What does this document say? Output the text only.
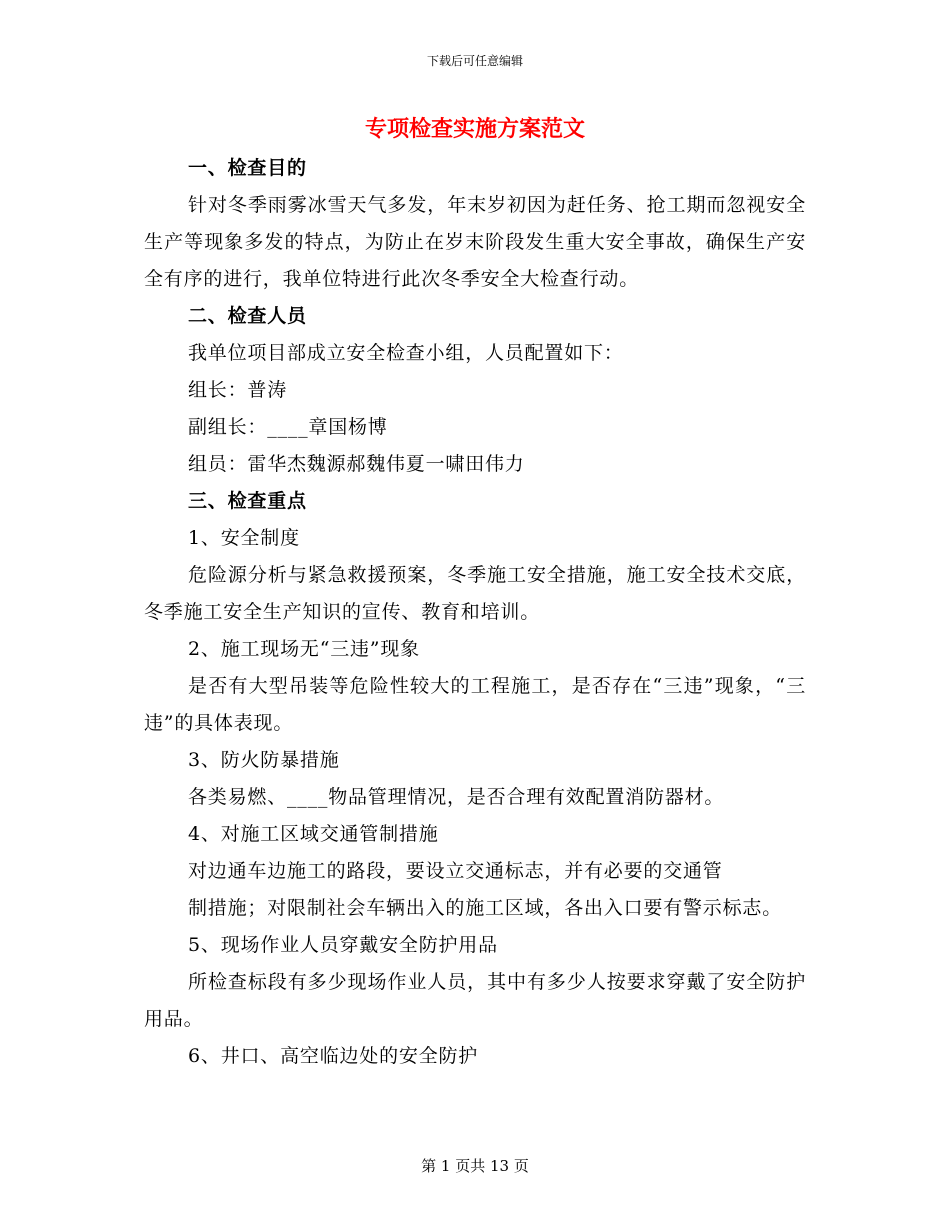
下载后可任意编辑
专项检查实施方案范文
一、检查目的
针对冬季雨雾冰雪天气多发，年末岁初因为赶任务、抢工期而忽视安全生产等现象多发的特点，为防止在岁末阶段发生重大安全事故，确保生产安全有序的进行，我单位特进行此次冬季安全大检查行动。
二、检查人员
我单位项目部成立安全检查小组，人员配置如下：
组长：普涛
副组长：____章国杨博
组员：雷华杰魏源郝魏伟夏一啸田伟力
三、检查重点
1、安全制度
危险源分析与紧急救援预案，冬季施工安全措施，施工安全技术交底，冬季施工安全生产知识的宣传、教育和培训。
2、施工现场无“三违”现象
是否有大型吊装等危险性较大的工程施工，是否存在“三违”现象，“三违”的具体表现。
3、防火防暴措施
各类易燃、____物品管理情况，是否合理有效配置消防器材。
4、对施工区域交通管制措施
对边通车边施工的路段，要设立交通标志，并有必要的交通管
制措施；对限制社会车辆出入的施工区域，各出入口要有警示标志。
5、现场作业人员穿戴安全防护用品
所检查标段有多少现场作业人员，其中有多少人按要求穿戴了安全防护用品。
6、井口、高空临边处的安全防护
第 1 页共 13 页
